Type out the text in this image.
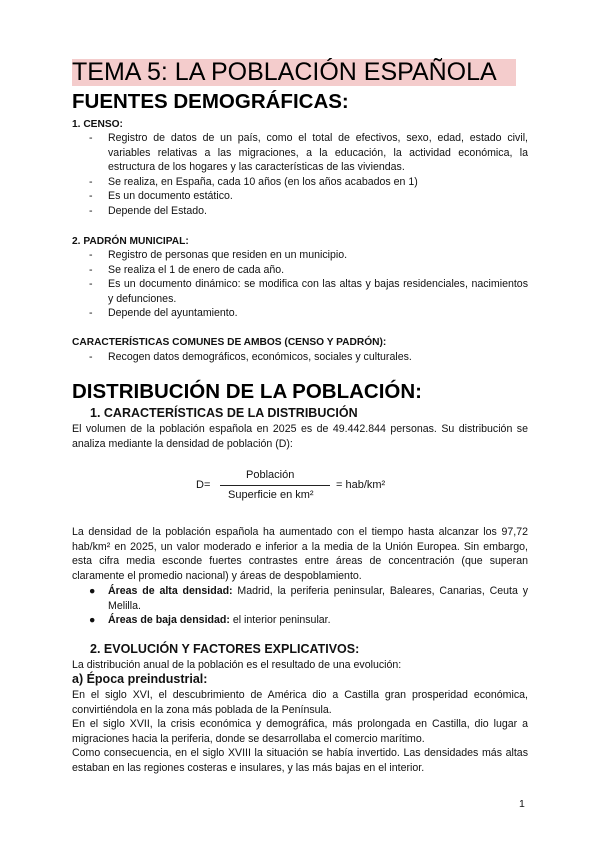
TEMA 5: LA POBLACIÓN ESPAÑOLA
FUENTES DEMOGRÁFICAS:
1. CENSO:
- Registro de datos de un país, como el total de efectivos, sexo, edad, estado civil, variables relativas a las migraciones, a la educación, la actividad económica, la estructura de los hogares y las características de las viviendas.
- Se realiza, en España, cada 10 años (en los años acabados en 1)
- Es un documento estático.
- Depende del Estado.
2. PADRÓN MUNICIPAL:
- Registro de personas que residen en un municipio.
- Se realiza el 1 de enero de cada año.
- Es un documento dinámico: se modifica con las altas y bajas residenciales, nacimientos y defunciones.
- Depende del ayuntamiento.
CARACTERÍSTICAS COMUNES DE AMBOS (CENSO Y PADRÓN):
- Recogen datos demográficos, económicos, sociales y culturales.
DISTRIBUCIÓN DE LA POBLACIÓN:
1. CARACTERÍSTICAS DE LA DISTRIBUCIÓN
El volumen de la población española en 2025 es de 49.442.844 personas. Su distribución se analiza mediante la densidad de población (D):
D=
Población
Superficie en km²
= hab/km²
La densidad de la población española ha aumentado con el tiempo hasta alcanzar los 97,72 hab/km² en 2025, un valor moderado e inferior a la media de la Unión Europea. Sin embargo, esta cifra media esconde fuertes contrastes entre áreas de concentración (que superan claramente el promedio nacional) y áreas de despoblamiento.
● Áreas de alta densidad: Madrid, la periferia peninsular, Baleares, Canarias, Ceuta y Melilla.
● Áreas de baja densidad: el interior peninsular.
2. EVOLUCIÓN Y FACTORES EXPLICATIVOS:
La distribución anual de la población es el resultado de una evolución:
a) Época preindustrial:
En el siglo XVI, el descubrimiento de América dio a Castilla gran prosperidad económica, convirtiéndola en la zona más poblada de la Península.
En el siglo XVII, la crisis económica y demográfica, más prolongada en Castilla, dio lugar a migraciones hacia la periferia, donde se desarrollaba el comercio marítimo.
Como consecuencia, en el siglo XVIII la situación se había invertido. Las densidades más altas estaban en las regiones costeras e insulares, y las más bajas en el interior.
1
